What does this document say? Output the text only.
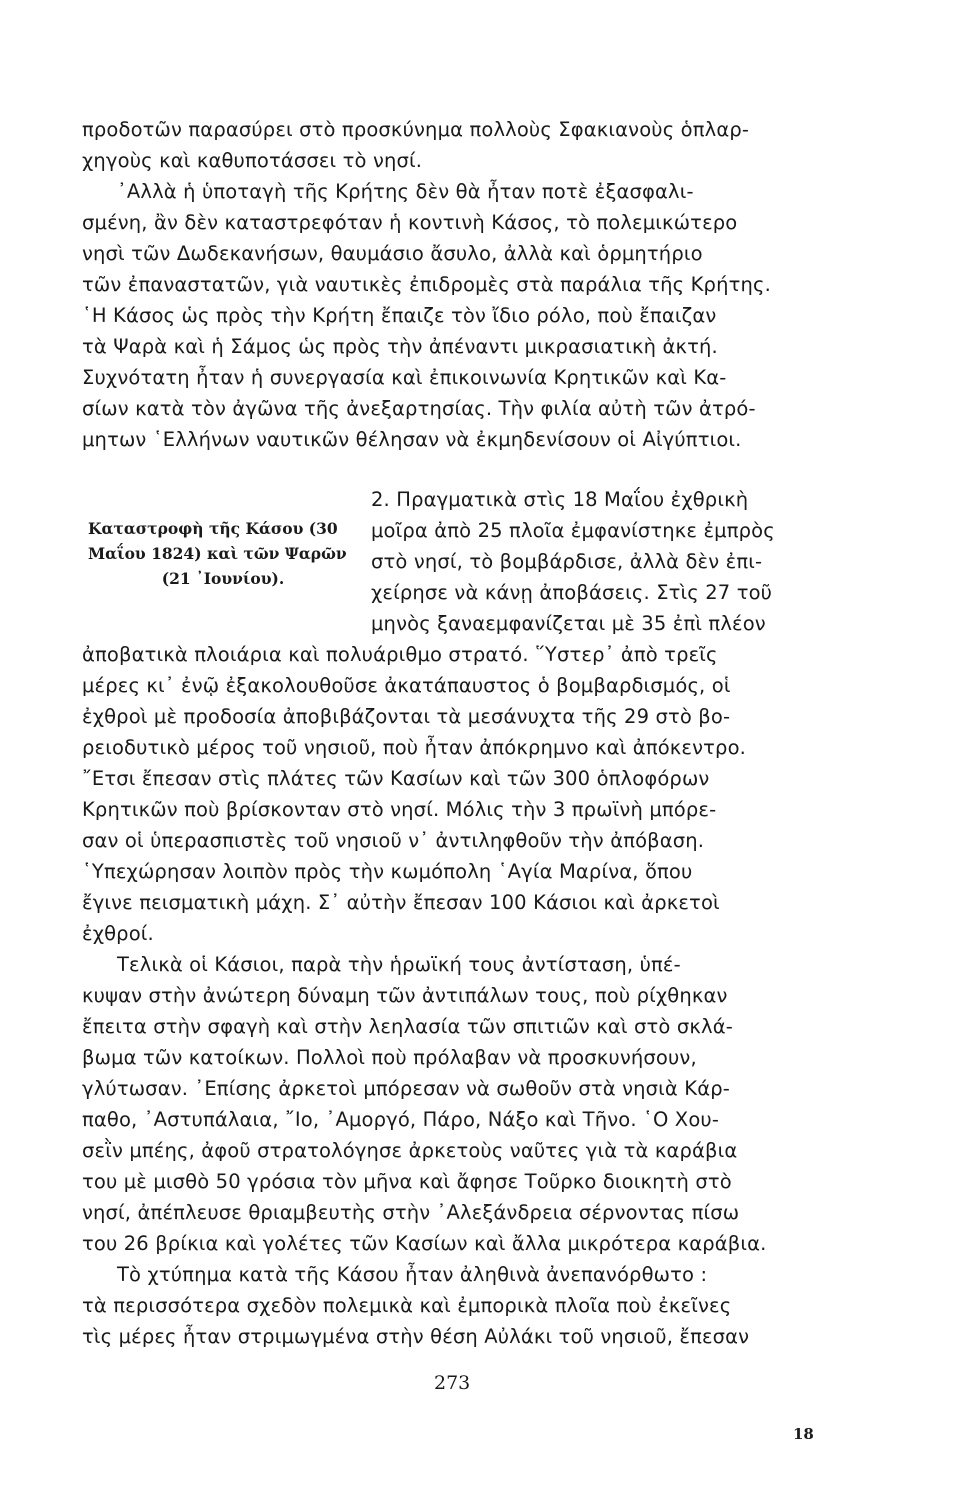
προδοτῶν παρασύρει στὸ προσκύνημα πολλοὺς Σφακιανοὺς ὁπλαρ-
χηγοὺς καὶ καθυποτάσσει τὸ νησί.
᾿Αλλὰ ἡ ὑποταγὴ τῆς Κρήτης δὲν θὰ ἦταν ποτὲ ἐξασφαλι-
σμένη, ἂν δὲν καταστρεφόταν ἡ κοντινὴ Κάσος, τὸ πολεμικώτερο
νησὶ τῶν Δωδεκανήσων, θαυμάσιο ἄσυλο, ἀλλὰ καὶ ὁρμητήριο
τῶν ἐπαναστατῶν, γιὰ ναυτικὲς ἐπιδρομὲς στὰ παράλια τῆς Κρήτης.
῾Η Κάσος ὡς πρὸς τὴν Κρήτη ἔπαιζε τὸν ἴδιο ρόλο, ποὺ ἔπαιζαν
τὰ Ψαρὰ καὶ ἡ Σάμος ὡς πρὸς τὴν ἀπέναντι μικρασιατικὴ ἀκτή.
Συχνότατη ἦταν ἡ συνεργασία καὶ ἐπικοινωνία Κρητικῶν καὶ Κα-
σίων κατὰ τὸν ἀγῶνα τῆς ἀνεξαρτησίας. Τὴν φιλία αὐτὴ τῶν ἀτρό-
μητων ῾Ελλήνων ναυτικῶν θέλησαν νὰ ἐκμηδενίσουν οἱ Αἰγύπτιοι.
Καταστροφὴ τῆς Κάσου (30
Μαΐου 1824) καὶ τῶν Ψαρῶν
(21 ᾿Ιουνίου).
2. Πραγματικὰ στὶς 18 Μαΐου ἐχθρικὴ
μοῖρα ἀπὸ 25 πλοῖα ἐμφανίστηκε ἐμπρὸς
στὸ νησί, τὸ βομβάρδισε, ἀλλὰ δὲν ἐπι-
χείρησε νὰ κάνῃ ἀποβάσεις. Στὶς 27 τοῦ
μηνὸς ξαναεμφανίζεται μὲ 35 ἐπὶ πλέον
ἀποβατικὰ πλοιάρια καὶ πολυάριθμο στρατό. ῞Υστερ᾿ ἀπὸ τρεῖς
μέρες κι᾿ ἐνῷ ἐξακολουθοῦσε ἀκατάπαυστος ὁ βομβαρδισμός, οἱ
ἐχθροὶ μὲ προδοσία ἀποβιβάζονται τὰ μεσάνυχτα τῆς 29 στὸ βο-
ρειοδυτικὸ μέρος τοῦ νησιοῦ, ποὺ ἦταν ἀπόκρημνο καὶ ἀπόκεντρο.
῎Ετσι ἔπεσαν στὶς πλάτες τῶν Κασίων καὶ τῶν 300 ὁπλοφόρων
Κρητικῶν ποὺ βρίσκονταν στὸ νησί. Μόλις τὴν 3 πρωϊνὴ μπόρε-
σαν οἱ ὑπερασπιστὲς τοῦ νησιοῦ ν᾿ ἀντιληφθοῦν τὴν ἀπόβαση.
῾Υπεχώρησαν λοιπὸν πρὸς τὴν κωμόπολη ῾Αγία Μαρίνα, ὅπου
ἔγινε πεισματικὴ μάχη. Σ᾿ αὐτὴν ἔπεσαν 100 Κάσιοι καὶ ἀρκετοὶ
ἐχθροί.
Τελικὰ οἱ Κάσιοι, παρὰ τὴν ἡρωϊκή τους ἀντίσταση, ὑπέ-
κυψαν στὴν ἀνώτερη δύναμη τῶν ἀντιπάλων τους, ποὺ ρίχθηκαν
ἔπειτα στὴν σφαγὴ καὶ στὴν λεηλασία τῶν σπιτιῶν καὶ στὸ σκλά-
βωμα τῶν κατοίκων. Πολλοὶ ποὺ πρόλαβαν νὰ προσκυνήσουν,
γλύτωσαν. ᾿Επίσης ἀρκετοὶ μπόρεσαν νὰ σωθοῦν στὰ νησιὰ Κάρ-
παθο, ᾿Αστυπάλαια, ῎Ιο, ᾿Αμοργό, Πάρο, Νάξο καὶ Τῆνο. ῾Ο Χου-
σεῒν μπέης, ἀφοῦ στρατολόγησε ἀρκετοὺς ναῦτες γιὰ τὰ καράβια
του μὲ μισθὸ 50 γρόσια τὸν μῆνα καὶ ἄφησε Τοῦρκο διοικητὴ στὸ
νησί, ἀπέπλευσε θριαμβευτὴς στὴν ᾿Αλεξάνδρεια σέρνοντας πίσω
του 26 βρίκια καὶ γολέτες τῶν Κασίων καὶ ἄλλα μικρότερα καράβια.
Τὸ χτύπημα κατὰ τῆς Κάσου ἦταν ἀληθινὰ ἀνεπανόρθωτο :
τὰ περισσότερα σχεδὸν πολεμικὰ καὶ ἐμπορικὰ πλοῖα ποὺ ἐκεῖνες
τὶς μέρες ἦταν στριμωγμένα στὴν θέση Αὐλάκι τοῦ νησιοῦ, ἔπεσαν
273
18
